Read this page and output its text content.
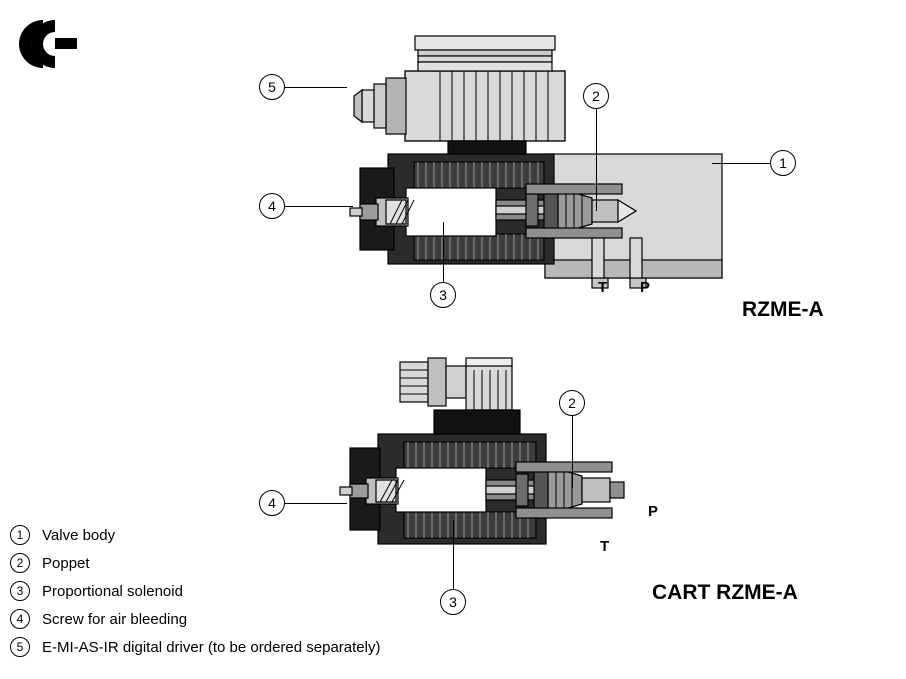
1
2
3
4
5
T P
RZME-A
2
3
4	P
T
CART RZME-A
1	Valve body
2	Poppet
3	Proportional solenoid
4	Screw for air bleeding
5	E-MI-AS-IR digital driver (to be ordered separately)
